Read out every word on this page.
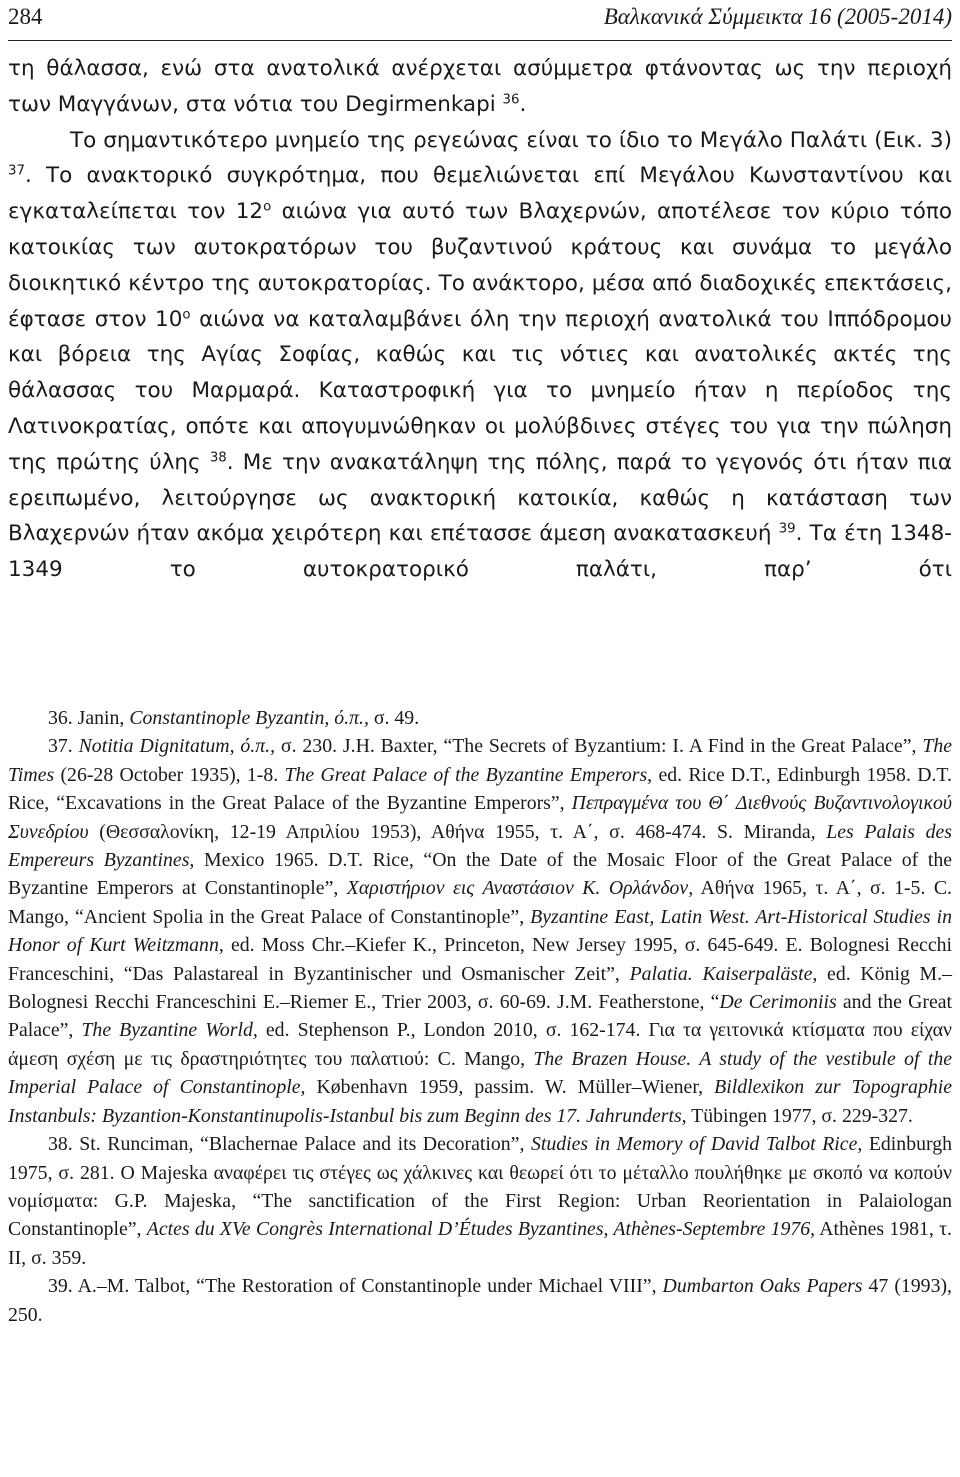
284	Βαλκανικά Σύμμεικτα 16 (2005-2014)

τη θάλασσα, ενώ στα ανατολικά ανέρχεται ασύμμετρα φτάνοντας ως την περιοχή των Μαγγάνων, στα νότια του Degirmenkapi $^{36}$.

Το σημαντικότερο μνημείο της ρεγεώνας είναι το ίδιο το Μεγάλο Παλάτι (Εικ. 3) $^{37}$. Το ανακτορικό συγκρότημα, που θεμελιώνεται επί Μεγάλου Κωνσταντίνου και εγκαταλείπεται τον $12^o$ αιώνα για αυτό των Βλαχερνών, αποτέλεσε τον κύριο τόπο κατοικίας των αυτοκρατόρων του βυζαντινού κράτους και συνάμα το μεγάλο διοικητικό κέντρο της αυτοκρατορίας. Το ανάκτορο, μέσα από διαδοχικές επεκτάσεις, έφτασε στον $10^o$ αιώνα να καταλαμβάνει όλη την περιοχή ανατολικά του Ιππόδρομου και βόρεια της Αγίας Σοφίας, καθώς και τις νότιες και ανατολικές ακτές της θάλασσας του Μαρμαρά. Καταστροφική για το μνημείο ήταν η περίοδος της Λατινοκρατίας, οπότε και απογυμνώθηκαν οι μολύβδινες στέγες του για την πώληση της πρώτης ύλης $^{38}$. Με την ανακατάληψη της πόλης, παρά το γεγονός ότι ήταν πια ερειπωμένο, λειτούργησε ως ανακτορική κατοικία, καθώς η κατάσταση των Βλαχερνών ήταν ακόμα χειρότερη και επέτασσε άμεση ανακατασκευή $^{39}$. Τα έτη 1348-1349 το αυτοκρατορικό παλάτι, παρ’ ότι

36. Janin, Constantinople Byzantin, ό.π., σ. 49.

37. Notitia Dignitatum, ό.π., σ. 230. J.H. Baxter, “The Secrets of Byzantium: I. A Find in the Great Palace”, The Times (26-28 October 1935), 1-8. The Great Palace of the Byzantine Emperors, ed. Rice D.T., Edinburgh 1958. D.T. Rice, “Excavations in the Great Palace of the Byzantine Emperors”, Πεπραγμένα του Θ΄ Διεθνούς Βυζαντινολογικού Συνεδρίου (Θεσσαλονίκη, 12-19 Απριλίου 1953), Αθήνα 1955, τ. Α΄, σ. 468-474. S. Miranda, Les Palais des Empereurs Byzantines, Mexico 1965. D.T. Rice, “On the Date of the Mosaic Floor of the Great Palace of the Byzantine Emperors at Constantinople”, Χαριστήριον εις Αναστάσιον Κ. Ορλάνδον, Αθήνα 1965, τ. Α΄, σ. 1-5. C. Mango, “Ancient Spolia in the Great Palace of Constantinople”, Byzantine East, Latin West. Art-Historical Studies in Honor of Kurt Weitzmann, ed. Moss Chr.–Kiefer K., Princeton, New Jersey 1995, σ. 645-649. E. Bolognesi Recchi Franceschini, “Das Palastareal in Byzantinischer und Osmanischer Zeit”, Palatia. Kaiserpaläste, ed. König M.–Bolognesi Recchi Franceschini E.–Riemer E., Trier 2003, σ. 60-69. J.M. Featherstone, “De Cerimoniis and the Great Palace”, The Byzantine World, ed. Stephenson P., London 2010, σ. 162-174. Για τα γειτονικά κτίσματα που είχαν άμεση σχέση με τις δραστηριότητες του παλατιού: C. Mango, The Brazen House. A study of the vestibule of the Imperial Palace of Constantinople, København 1959, passim. W. Müller–Wiener, Bildlexikon zur Topographie Instanbuls: Byzantion-Konstantinupolis-Istanbul bis zum Beginn des 17. Jahrunderts, Tübingen 1977, σ. 229-327.

38. St. Runciman, “Blachernae Palace and its Decoration”, Studies in Memory of David Talbot Rice, Edinburgh 1975, σ. 281. Ο Majeska αναφέρει τις στέγες ως χάλκινες και θεωρεί ότι το μέταλλο πουλήθηκε με σκοπό να κοπούν νομίσματα: G.P. Majeska, “The sanctification of the First Region: Urban Reorientation in Palaiologan Constantinople”, Actes du XVe Congrès International D’Études Byzantines, Athènes-Septembre 1976, Athènes 1981, τ. ΙΙ, σ. 359.

39. A.–M. Talbot, “The Restoration of Constantinople under Michael VIII”, Dumbarton Oaks Papers 47 (1993), 250.
